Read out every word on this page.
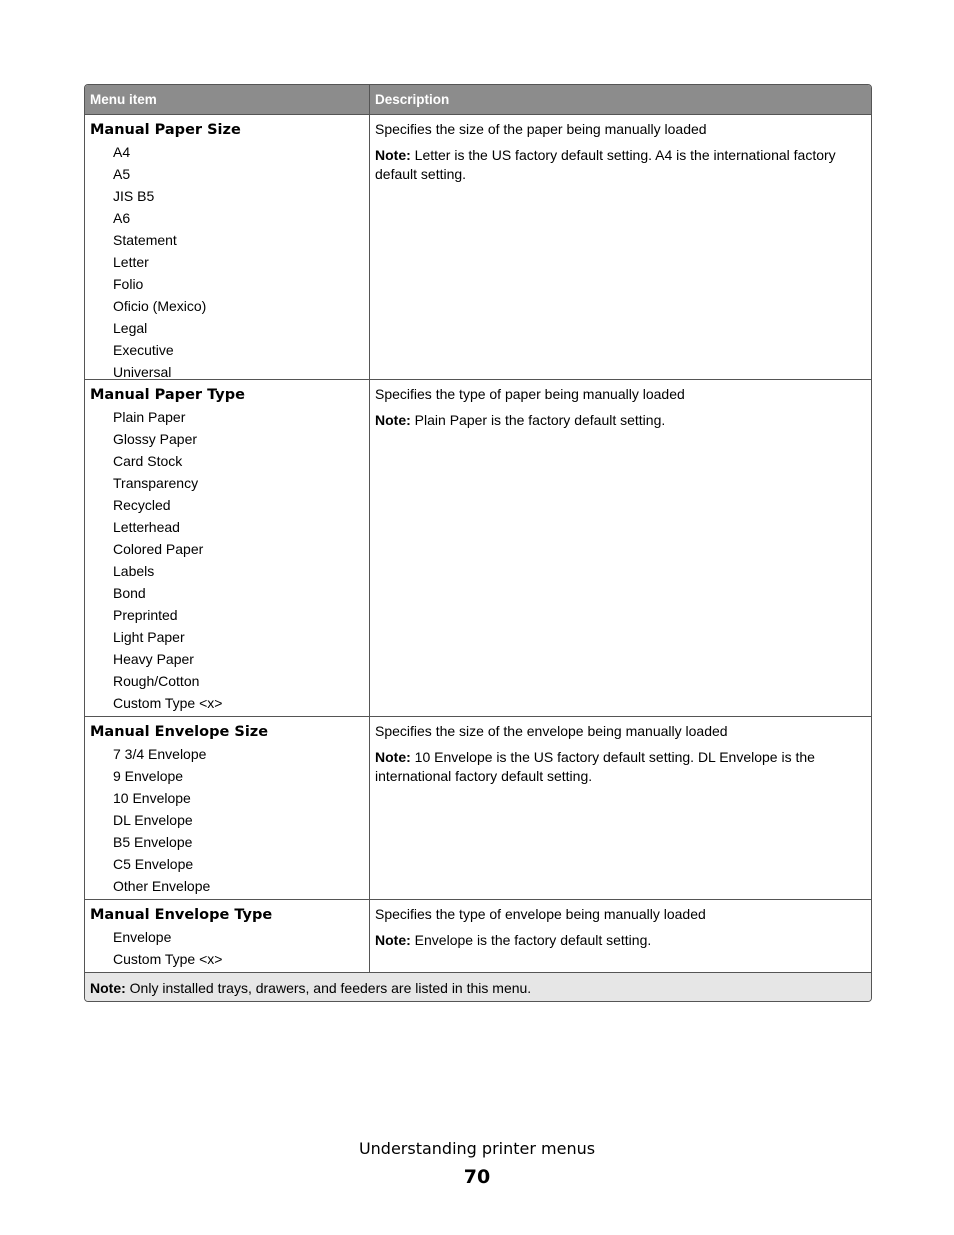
Menu item	Description
Manual Paper Size
A4
A5
JIS B5
A6
Statement
Letter
Folio
Oficio (Mexico)
Legal
Executive
Universal

Specifies the size of the paper being manually loaded

Note: Letter is the US factory default setting. A4 is the international factory default setting.

Manual Paper Type
Plain Paper
Glossy Paper
Card Stock
Transparency
Recycled
Letterhead
Colored Paper
Labels
Bond
Preprinted
Light Paper
Heavy Paper
Rough/Cotton
Custom Type <x>

Specifies the type of paper being manually loaded

Note: Plain Paper is the factory default setting.

Manual Envelope Size
7 3/4 Envelope
9 Envelope
10 Envelope
DL Envelope
B5 Envelope
C5 Envelope
Other Envelope

Specifies the size of the envelope being manually loaded

Note: 10 Envelope is the US factory default setting. DL Envelope is the international factory default setting.

Manual Envelope Type
Envelope
Custom Type <x>

Specifies the type of envelope being manually loaded

Note: Envelope is the factory default setting.

Note: Only installed trays, drawers, and feeders are listed in this menu.
Understanding printer menus
70
